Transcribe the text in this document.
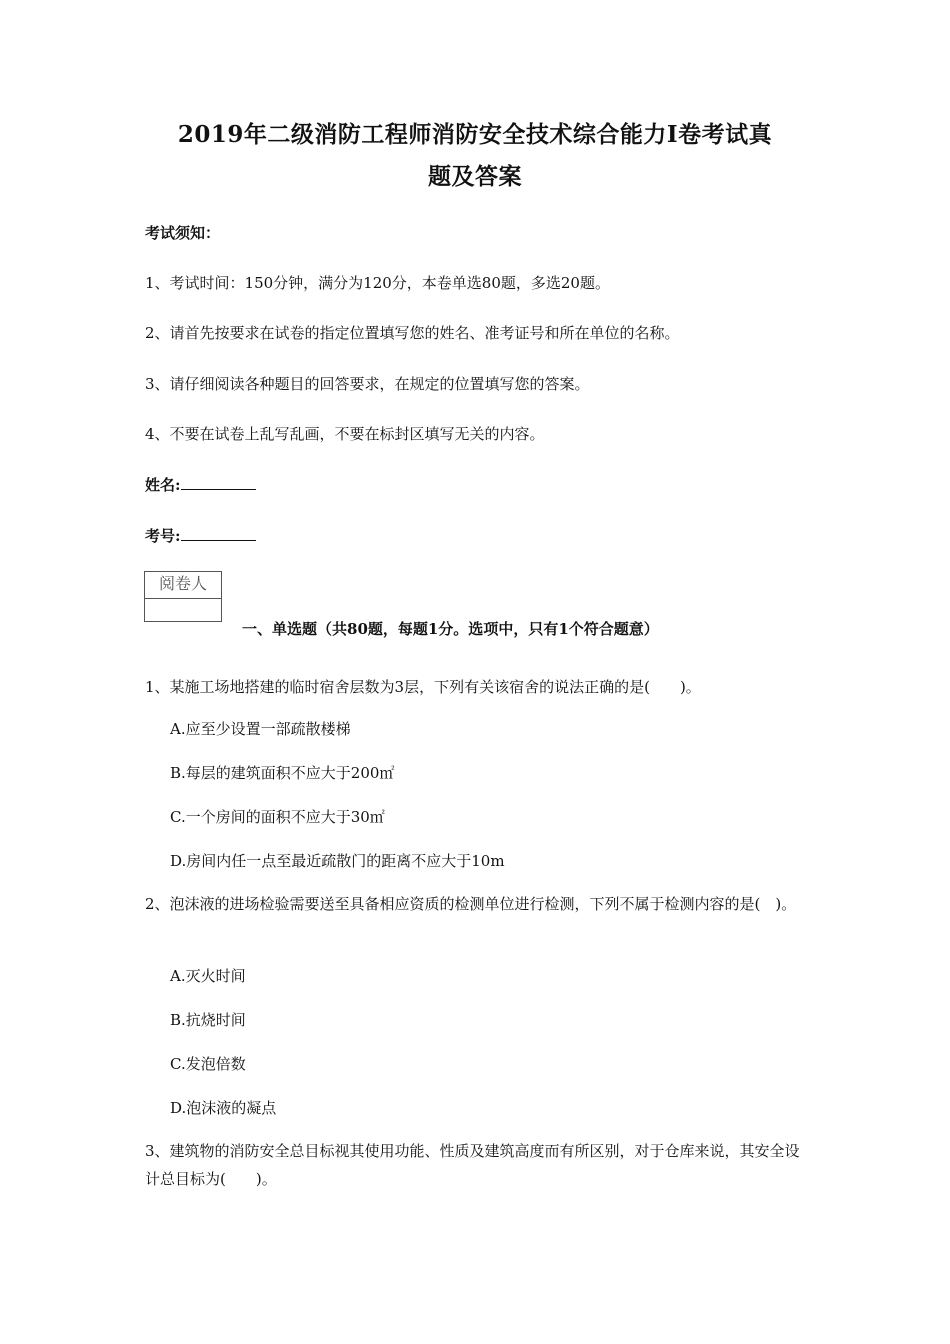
2019年二级消防工程师消防安全技术综合能力I卷考试真
题及答案
考试须知：
1、考试时间：150分钟，满分为120分，本卷单选80题，多选20题。
2、请首先按要求在试卷的指定位置填写您的姓名、准考证号和所在单位的名称。
3、请仔细阅读各种题目的回答要求，在规定的位置填写您的答案。
4、不要在试卷上乱写乱画，不要在标封区填写无关的内容。
姓名:
考号:
阅卷人
一、单选题（共80题，每题1分。选项中，只有1个符合题意）
1、某施工场地搭建的临时宿舍层数为3层，下列有关该宿舍的说法正确的是(　　)。
A.应至少设置一部疏散楼梯
B.每层的建筑面积不应大于200㎡
C.一个房间的面积不应大于30㎡
D.房间内任一点至最近疏散门的距离不应大于10m
2、泡沫液的进场检验需要送至具备相应资质的检测单位进行检测，下列不属于检测内容的是(　)。
A.灭火时间
B.抗烧时间
C.发泡倍数
D.泡沫液的凝点
3、建筑物的消防安全总目标视其使用功能、性质及建筑高度而有所区别，对于仓库来说，其安全设计总目标为(　　)。
